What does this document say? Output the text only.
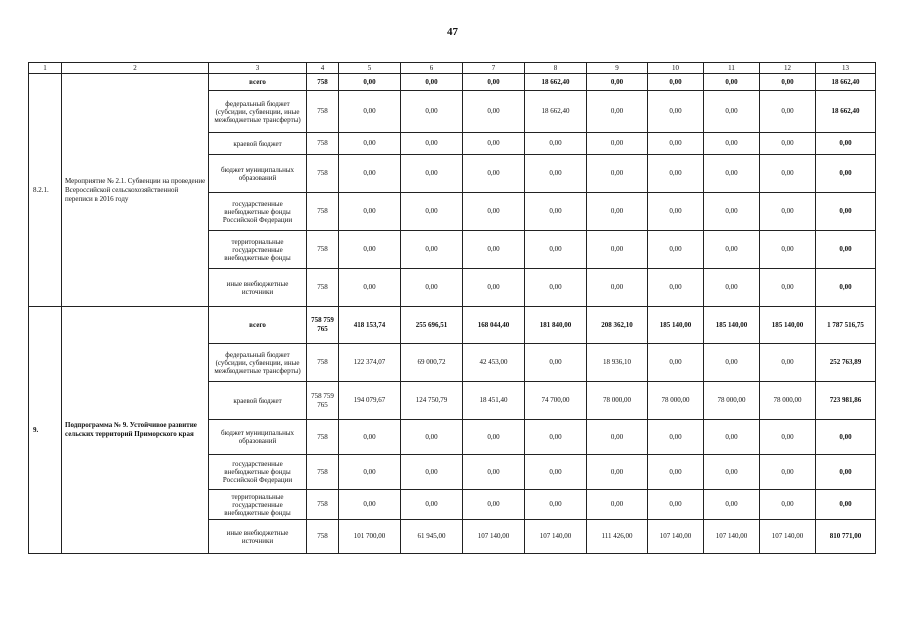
47
1	2	3	4	5	6	7	8	9	10	11	12	13
8.2.1.	Мероприятие № 2.1. Субвенции на проведение Всероссийской сельскохозяйственной переписи в 2016 году	всего	758	0,00	0,00	0,00	18 662,40	0,00	0,00	0,00	0,00	18 662,40
		федеральный бюджет (субсидии, субвенции, иные межбюджетные трансферты)	758	0,00	0,00	0,00	18 662,40	0,00	0,00	0,00	0,00	18 662,40
		краевой бюджет	758	0,00	0,00	0,00	0,00	0,00	0,00	0,00	0,00	0,00
		бюджет муниципальных образований	758	0,00	0,00	0,00	0,00	0,00	0,00	0,00	0,00	0,00
		государственные внебюджетные фонды Российской Федерации	758	0,00	0,00	0,00	0,00	0,00	0,00	0,00	0,00	0,00
		территориальные государственные внебюджетные фонды	758	0,00	0,00	0,00	0,00	0,00	0,00	0,00	0,00	0,00
		иные внебюджетные источники	758	0,00	0,00	0,00	0,00	0,00	0,00	0,00	0,00	0,00
9.	Подпрограмма № 9. Устойчивое развитие сельских территорий Приморского края	всего	758 759 765	418 153,74	255 696,51	168 044,40	181 840,00	208 362,10	185 140,00	185 140,00	185 140,00	1 787 516,75
		федеральный бюджет (субсидии, субвенции, иные межбюджетные трансферты)	758	122 374,07	69 000,72	42 453,00	0,00	18 936,10	0,00	0,00	0,00	252 763,89
		краевой бюджет	758 759 765	194 079,67	124 750,79	18 451,40	74 700,00	78 000,00	78 000,00	78 000,00	78 000,00	723 981,86
		бюджет муниципальных образований	758	0,00	0,00	0,00	0,00	0,00	0,00	0,00	0,00	0,00
		государственные внебюджетные фонды Российской Федерации	758	0,00	0,00	0,00	0,00	0,00	0,00	0,00	0,00	0,00
		территориальные государственные внебюджетные фонды	758	0,00	0,00	0,00	0,00	0,00	0,00	0,00	0,00	0,00
		иные внебюджетные источники	758	101 700,00	61 945,00	107 140,00	107 140,00	111 426,00	107 140,00	107 140,00	107 140,00	810 771,00
